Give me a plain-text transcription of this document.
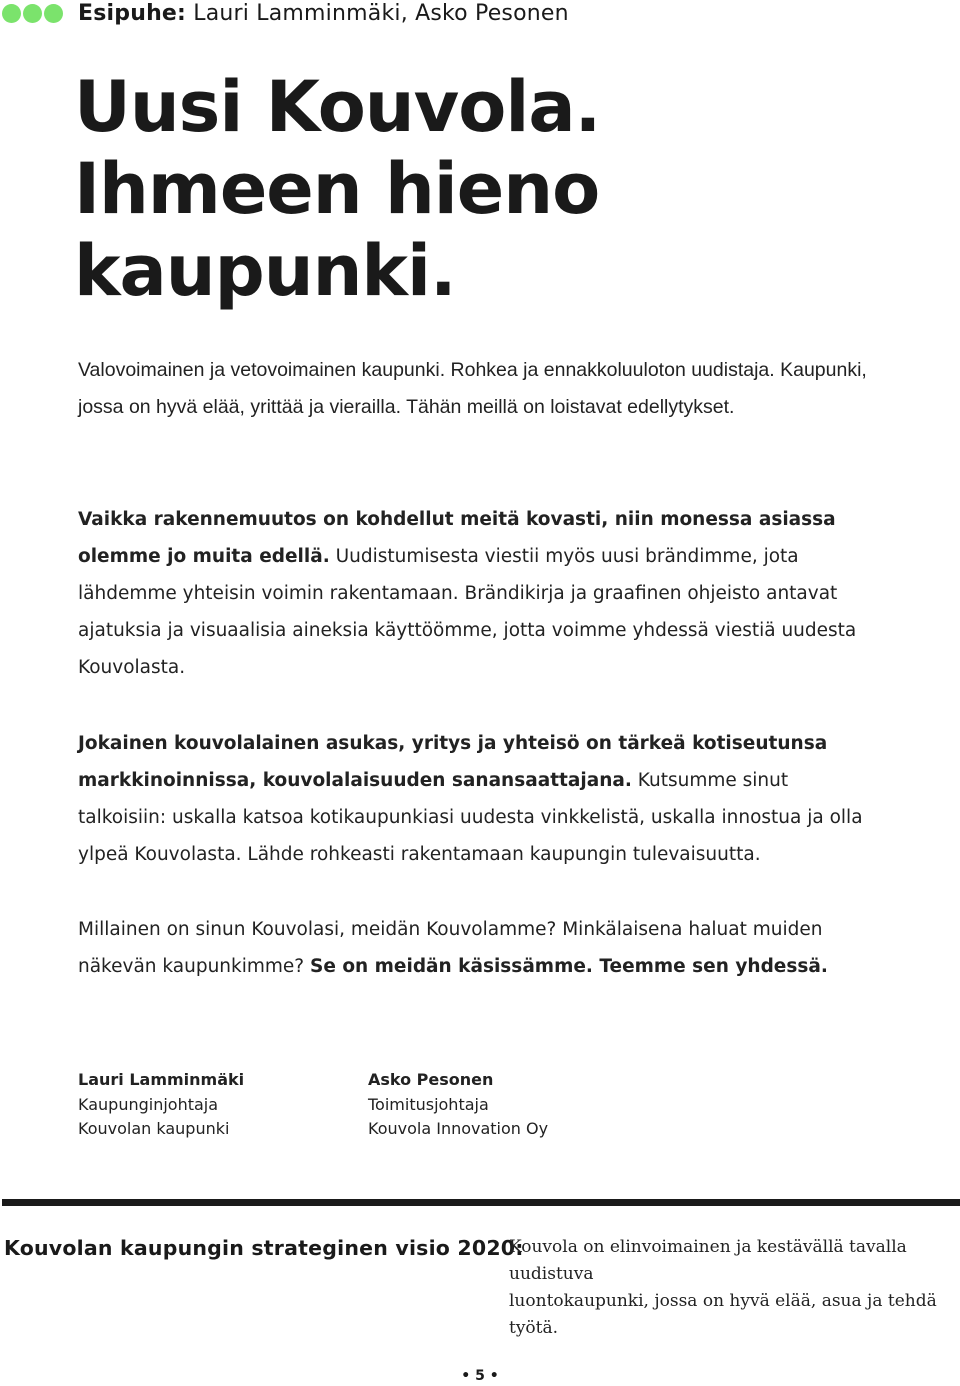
Esipuhe: Lauri Lamminmäki, Asko Pesonen
Uusi Kouvola.
Ihmeen hieno
kaupunki.

Valovoimainen ja vetovoimainen kaupunki. Rohkea ja ennakkoluuloton uudistaja. Kaupunki, jossa on hyvä elää, yrittää ja vierailla. Tähän meillä on loistavat edellytykset.

Vaikka rakennemuutos on kohdellut meitä kovasti, niin monessa asiassa olemme jo muita edellä. Uudistumisesta viestii myös uusi brändimme, jota lähdemme yhteisin voimin rakentamaan. Brändikirja ja graafinen ohjeisto antavat ajatuksia ja visuaalisia aineksia käyttöömme, jotta voimme yhdessä viestiä uudesta Kouvolasta.

Jokainen kouvolalainen asukas, yritys ja yhteisö on tärkeä kotiseutunsa markkinoinnissa, kouvolalaisuuden sanansaattajana. Kutsumme sinut talkoisiin: uskalla katsoa kotikaupunkiasi uudesta vinkkelistä, uskalla innostua ja olla ylpeä Kouvolasta. Lähde rohkeasti rakentamaan kaupungin tulevaisuutta.

Millainen on sinun Kouvolasi, meidän Kouvolamme? Minkälaisena haluat muiden näkevän kaupunkimme? Se on meidän käsissämme. Teemme sen yhdessä.

Lauri Lamminmäki
Kaupunginjohtaja
Kouvolan kaupunki
Asko Pesonen
Toimitusjohtaja
Kouvola Innovation Oy
Kouvolan kaupungin strateginen visio 2020:
Kouvola on elinvoimainen ja kestävällä tavalla uudistuva
luontokaupunki, jossa on hyvä elää, asua ja tehdä työtä.
• 5 •
